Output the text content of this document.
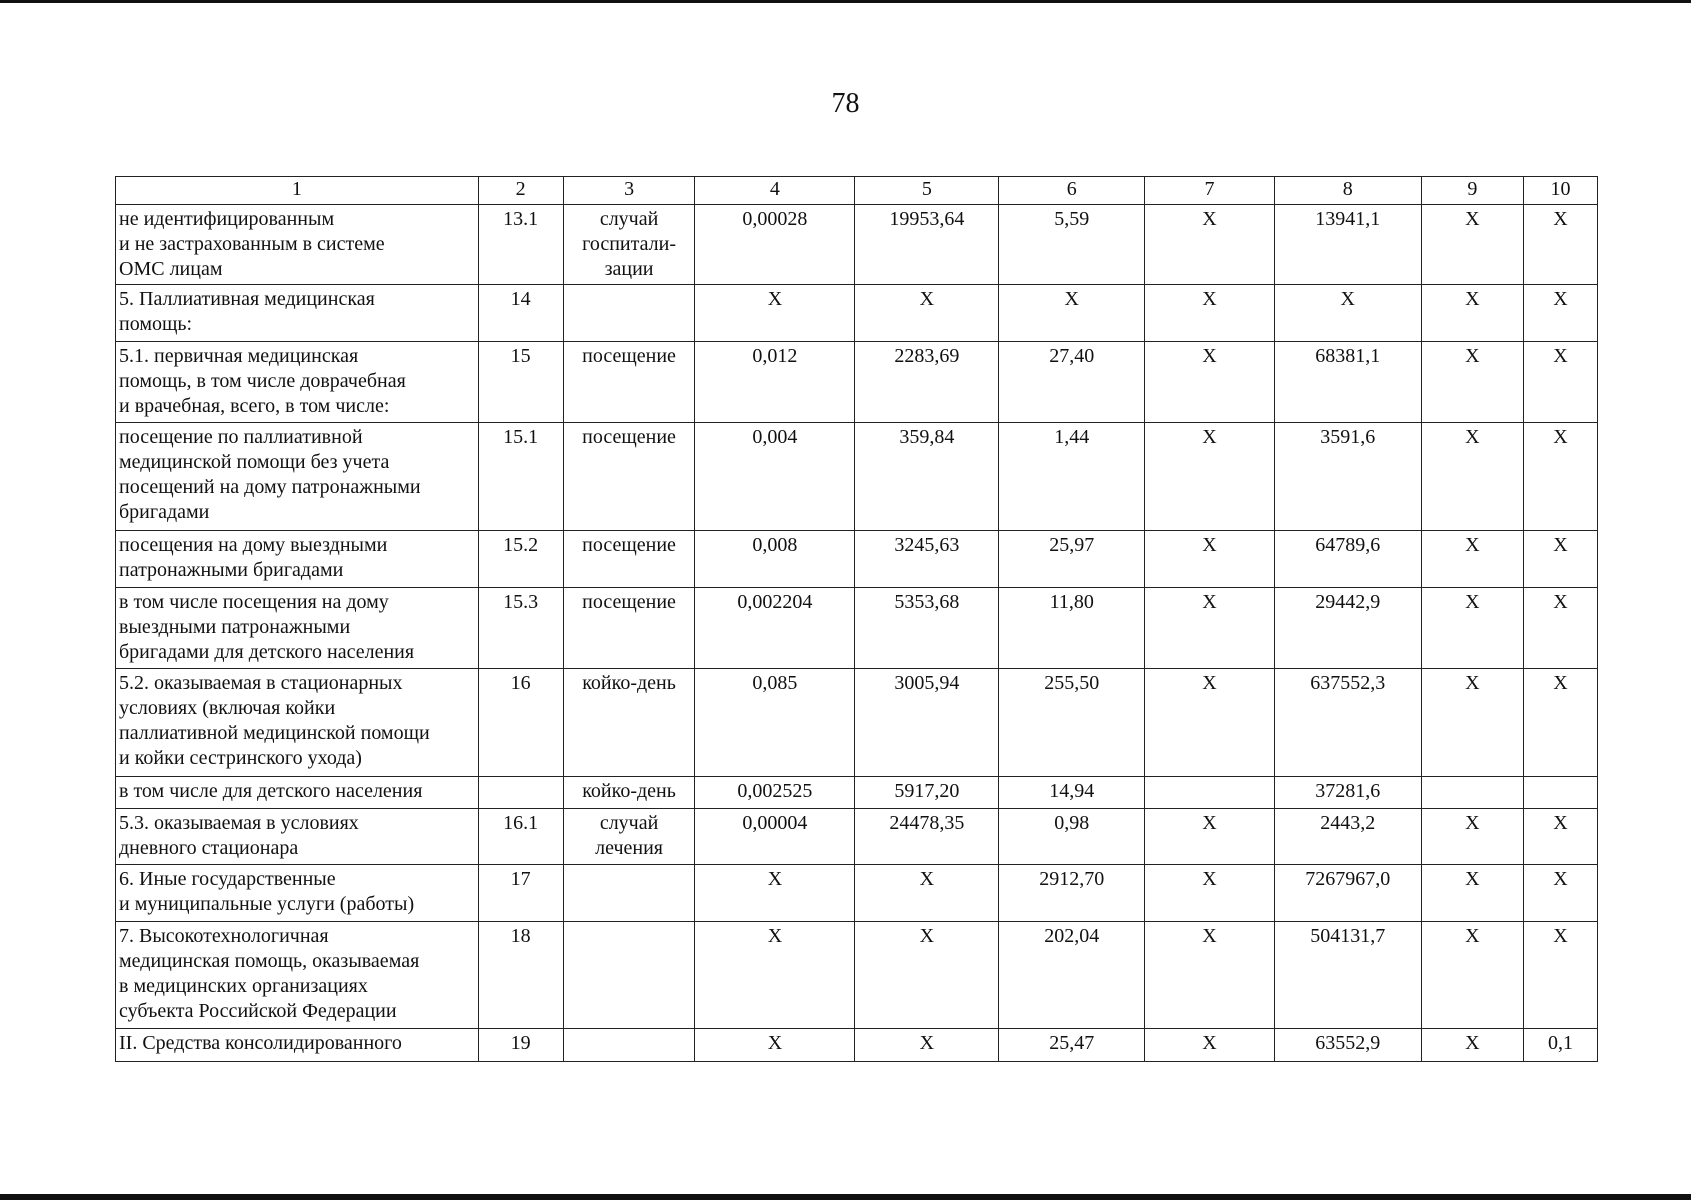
78
1	2	3	4	5	6	7	8	9	10
не идентифицированным
и не застрахованным в системе
ОМС лицам	13.1	случай
госпитали-
зации	0,00028	19953,64	5,59	Х	13941,1	Х	Х
5. Паллиативная медицинская
помощь:	14		Х	Х	Х	Х	Х	Х	Х
5.1. первичная медицинская
помощь, в том числе доврачебная
и врачебная, всего, в том числе:	15	посещение	0,012	2283,69	27,40	Х	68381,1	Х	Х
посещение по паллиативной
медицинской помощи без учета
посещений на дому патронажными
бригадами	15.1	посещение	0,004	359,84	1,44	Х	3591,6	Х	Х
посещения на дому выездными
патронажными бригадами	15.2	посещение	0,008	3245,63	25,97	Х	64789,6	Х	Х
в том числе посещения на дому
выездными патронажными
бригадами для детского населения	15.3	посещение	0,002204	5353,68	11,80	Х	29442,9	Х	Х
5.2. оказываемая в стационарных
условиях (включая койки
паллиативной медицинской помощи
и койки сестринского ухода)	16	койко-день	0,085	3005,94	255,50	Х	637552,3	Х	Х
в том числе для детского населения		койко-день	0,002525	5917,20	14,94		37281,6		
5.3. оказываемая в условиях
дневного стационара	16.1	случай
лечения	0,00004	24478,35	0,98	Х	2443,2	Х	Х
6. Иные государственные
и муниципальные услуги (работы)	17		Х	Х	2912,70	Х	7267967,0	Х	Х
7. Высокотехнологичная
медицинская помощь, оказываемая
в медицинских организациях
субъекта Российской Федерации	18		Х	Х	202,04	Х	504131,7	Х	Х
II. Средства консолидированного	19		Х	Х	25,47	Х	63552,9	Х	0,1
